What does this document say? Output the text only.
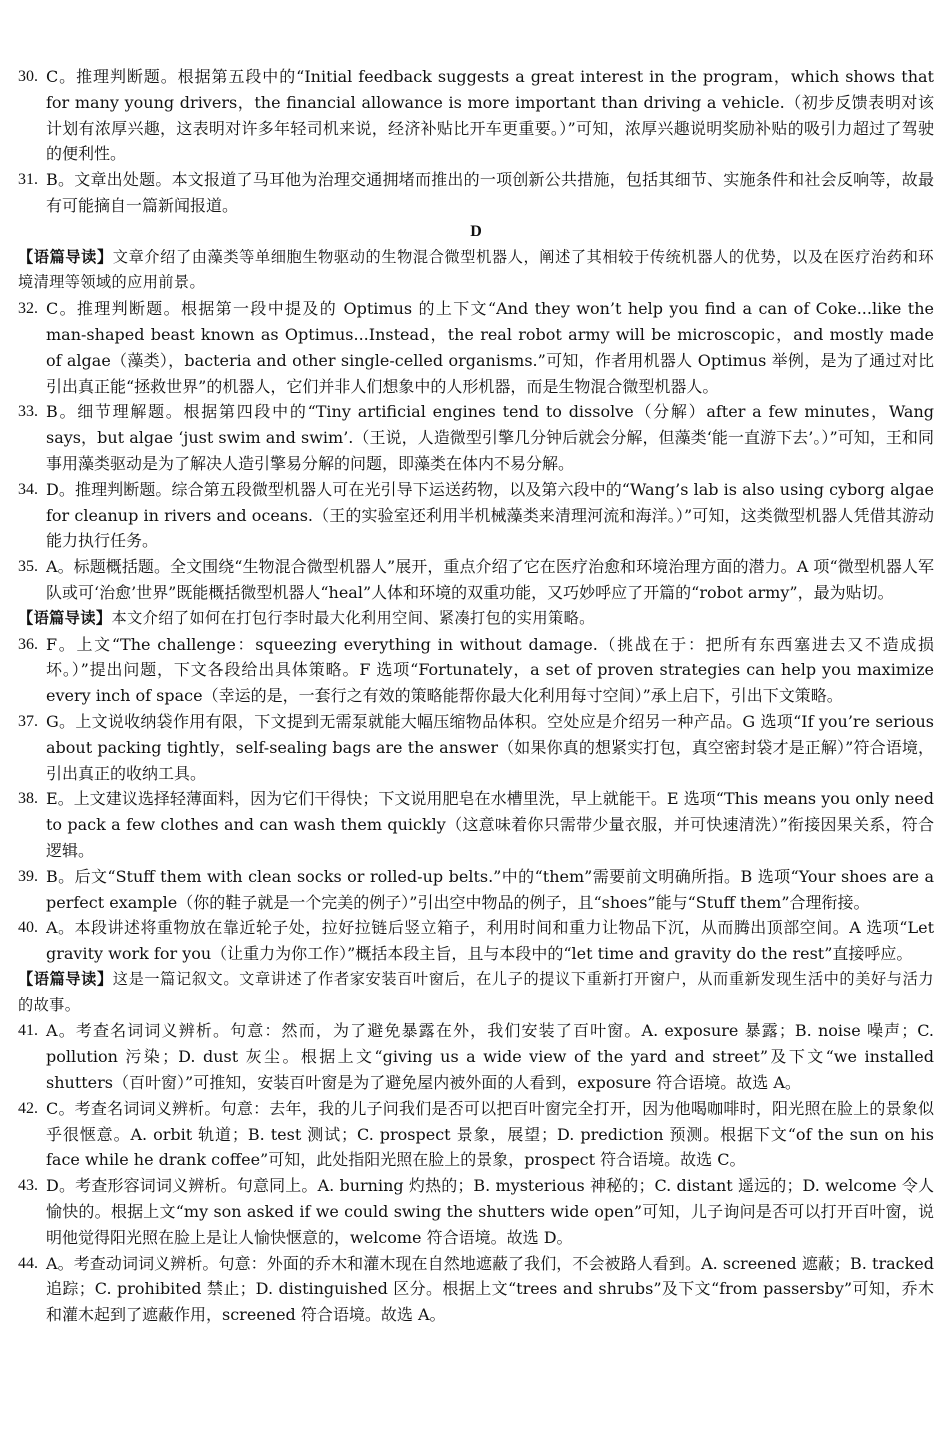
30. C。推理判断题。根据第五段中的“Initial feedback suggests a great interest in the program，which shows that for many young drivers，the financial allowance is more important than driving a vehicle.（初步反馈表明对该计划有浓厚兴趣，这表明对许多年轻司机来说，经济补贴比开车更重要。）”可知，浓厚兴趣说明奖励补贴的吸引力超过了驾驶的便利性。

31. B。文章出处题。本文报道了马耳他为治理交通拥堵而推出的一项创新公共措施，包括其细节、实施条件和社会反响等，故最有可能摘自一篇新闻报道。

D

【语篇导读】文章介绍了由藻类等单细胞生物驱动的生物混合微型机器人，阐述了其相较于传统机器人的优势，以及在医疗治药和环境清理等领域的应用前景。

32. C。推理判断题。根据第一段中提及的 Optimus 的上下文“And they won’t help you find a can of Coke...like the man-shaped beast known as Optimus...Instead，the real robot army will be microscopic，and mostly made of algae（藻类），bacteria and other single-celled organisms.”可知，作者用机器人 Optimus 举例，是为了通过对比引出真正能“拯救世界”的机器人，它们并非人们想象中的人形机器，而是生物混合微型机器人。

33. B。细节理解题。根据第四段中的“Tiny artificial engines tend to dissolve（分解）after a few minutes，Wang says，but algae ‘just swim and swim’.（王说，人造微型引擎几分钟后就会分解，但藻类‘能一直游下去’。）”可知，王和同事用藻类驱动是为了解决人造引擎易分解的问题，即藻类在体内不易分解。

34. D。推理判断题。综合第五段微型机器人可在光引导下运送药物，以及第六段中的“Wang’s lab is also using cyborg algae for cleanup in rivers and oceans.（王的实验室还利用半机械藻类来清理河流和海洋。）”可知，这类微型机器人凭借其游动能力执行任务。

35. A。标题概括题。全文围绕“生物混合微型机器人”展开，重点介绍了它在医疗治愈和环境治理方面的潜力。A 项“微型机器人军队或可‘治愈’世界”既能概括微型机器人“heal”人体和环境的双重功能，又巧妙呼应了开篇的“robot army”，最为贴切。

【语篇导读】本文介绍了如何在打包行李时最大化利用空间、紧凑打包的实用策略。

36. F。上文“The challenge：squeezing everything in without damage.（挑战在于：把所有东西塞进去又不造成损坏。）”提出问题，下文各段给出具体策略。F 选项“Fortunately，a set of proven strategies can help you maximize every inch of space（幸运的是，一套行之有效的策略能帮你最大化利用每寸空间）”承上启下，引出下文策略。

37. G。上文说收纳袋作用有限，下文提到无需泵就能大幅压缩物品体积。空处应是介绍另一种产品。G 选项“If you’re serious about packing tightly，self-sealing bags are the answer（如果你真的想紧实打包，真空密封袋才是正解）”符合语境，引出真正的收纳工具。

38. E。上文建议选择轻薄面料，因为它们干得快；下文说用肥皂在水槽里洗，早上就能干。E 选项“This means you only need to pack a few clothes and can wash them quickly（这意味着你只需带少量衣服，并可快速清洗）”衔接因果关系，符合逻辑。

39. B。后文“Stuff them with clean socks or rolled-up belts.”中的“them”需要前文明确所指。B 选项“Your shoes are a perfect example（你的鞋子就是一个完美的例子）”引出空中物品的例子，且“shoes”能与“Stuff them”合理衔接。

40. A。本段讲述将重物放在靠近轮子处，拉好拉链后竖立箱子，利用时间和重力让物品下沉，从而腾出顶部空间。A 选项“Let gravity work for you（让重力为你工作）”概括本段主旨，且与本段中的“let time and gravity do the rest”直接呼应。

【语篇导读】这是一篇记叙文。文章讲述了作者家安装百叶窗后，在儿子的提议下重新打开窗户，从而重新发现生活中的美好与活力的故事。

41. A。考查名词词义辨析。句意：然而，为了避免暴露在外，我们安装了百叶窗。A. exposure 暴露；B. noise 噪声；C. pollution 污染；D. dust 灰尘。根据上文“giving us a wide view of the yard and street”及下文“we installed shutters（百叶窗）”可推知，安装百叶窗是为了避免屋内被外面的人看到，exposure 符合语境。故选 A。

42. C。考查名词词义辨析。句意：去年，我的儿子问我们是否可以把百叶窗完全打开，因为他喝咖啡时，阳光照在脸上的景象似乎很惬意。A. orbit 轨道；B. test 测试；C. prospect 景象，展望；D. prediction 预测。根据下文“of the sun on his face while he drank coffee”可知，此处指阳光照在脸上的景象，prospect 符合语境。故选 C。

43. D。考查形容词词义辨析。句意同上。A. burning 灼热的；B. mysterious 神秘的；C. distant 遥远的；D. welcome 令人愉快的。根据上文“my son asked if we could swing the shutters wide open”可知，儿子询问是否可以打开百叶窗，说明他觉得阳光照在脸上是让人愉快惬意的，welcome 符合语境。故选 D。

44. A。考查动词词义辨析。句意：外面的乔木和灌木现在自然地遮蔽了我们，不会被路人看到。A. screened 遮蔽；B. tracked 追踪；C. prohibited 禁止；D. distinguished 区分。根据上文“trees and shrubs”及下文“from passersby”可知，乔木和灌木起到了遮蔽作用，screened 符合语境。故选 A。
